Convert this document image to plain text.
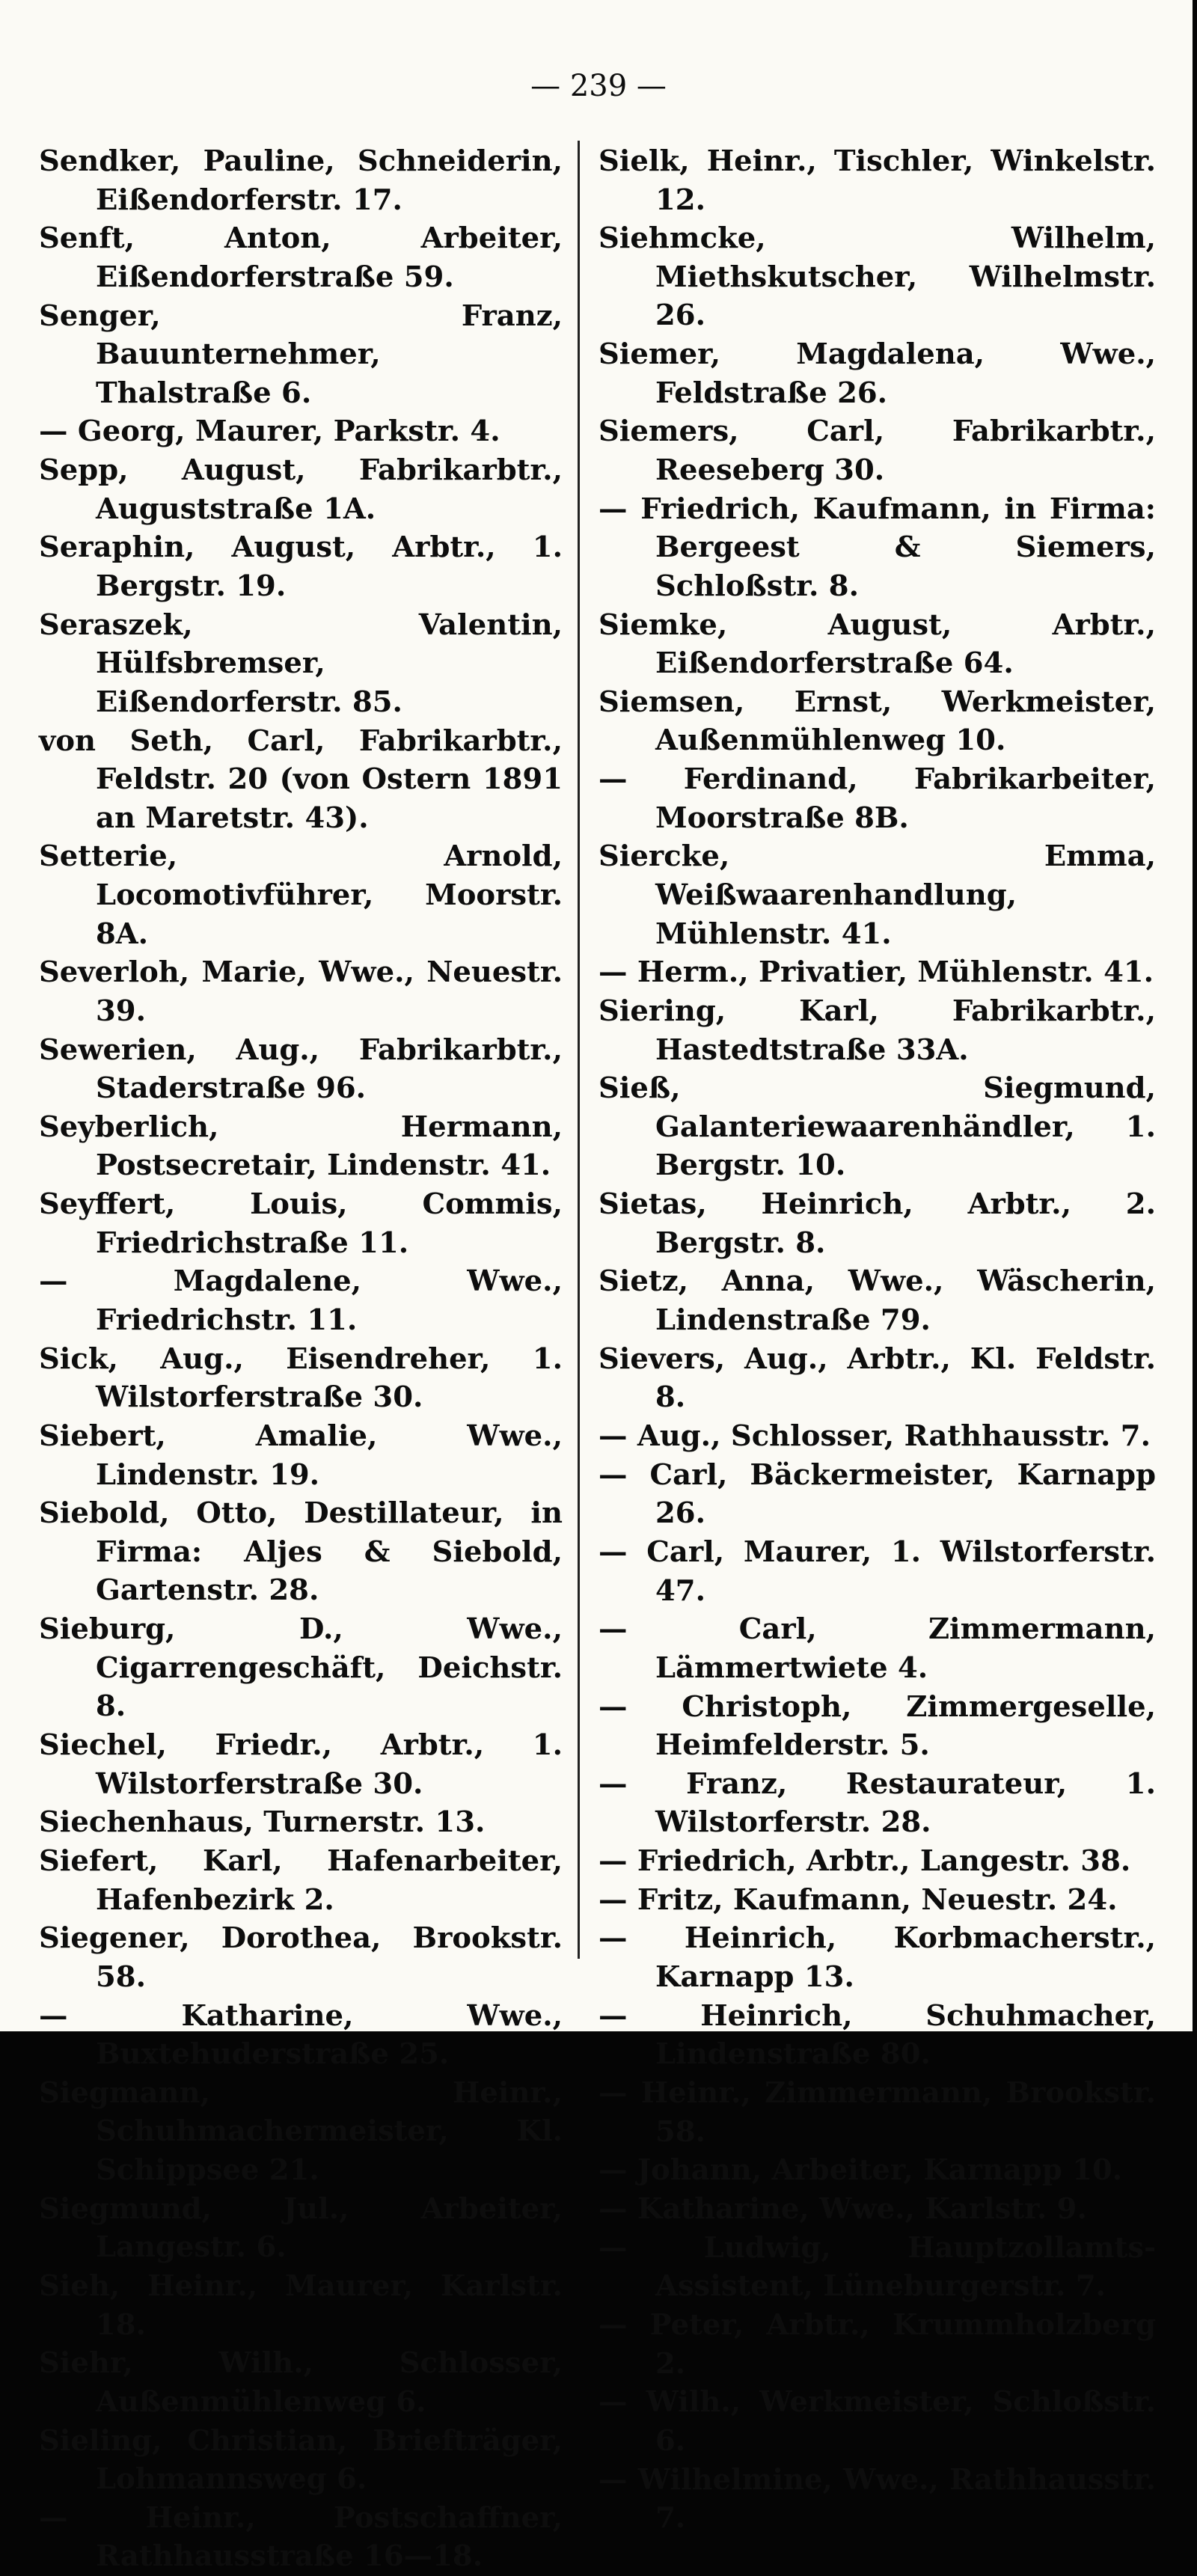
— 239 —
Sendker, Pauline, Schneiderin, Eißendorferstr. 17.
Senft, Anton, Arbeiter, Eißendorferstraße 59.
Senger, Franz, Bauunternehmer, Thalstraße 6.
— Georg, Maurer, Parkstr. 4.
Sepp, August, Fabrikarbtr., Auguststraße 1A.
Seraphin, August, Arbtr., 1. Bergstr. 19.
Seraszek, Valentin, Hülfsbremser, Eißendorferstr. 85.
von Seth, Carl, Fabrikarbtr., Feldstr. 20 (von Ostern 1891 an Maretstr. 43).
Setterie, Arnold, Locomotivführer, Moorstr. 8A.
Severloh, Marie, Wwe., Neuestr. 39.
Sewerien, Aug., Fabrikarbtr., Staderstraße 96.
Seyberlich, Hermann, Postsecretair, Lindenstr. 41.
Seyffert, Louis, Commis, Friedrichstraße 11.
— Magdalene, Wwe., Friedrichstr. 11.
Sick, Aug., Eisendreher, 1. Wilstorferstraße 30.
Siebert, Amalie, Wwe., Lindenstr. 19.
Siebold, Otto, Destillateur, in Firma: Aljes & Siebold, Gartenstr. 28.
Sieburg, D., Wwe., Cigarrengeschäft, Deichstr. 8.
Siechel, Friedr., Arbtr., 1. Wilstorferstraße 30.
Siechenhaus, Turnerstr. 13.
Siefert, Karl, Hafenarbeiter, Hafenbezirk 2.
Siegener, Dorothea, Brookstr. 58.
— Katharine, Wwe., Buxtehuderstraße 25.
Siegmann, Heinr., Schuhmachermeister, Kl. Schippsee 21.
Siegmund, Jul., Arbeiter, Langestr. 6.
Sieh, Heinr., Maurer, Karlstr. 18.
Siehr, Wilh., Schlosser, Außenmühlenweg 6.
Sieling, Christian, Briefträger, Lohmannsweg 6.
— Heinr., Postschaffner, Rathhausstraße 16—18.
Sielk, Heinr., Tischler, Winkelstr. 12.
Siehmcke, Wilhelm, Miethskutscher, Wilhelmstr. 26.
Siemer, Magdalena, Wwe., Feldstraße 26.
Siemers, Carl, Fabrikarbtr., Reeseberg 30.
— Friedrich, Kaufmann, in Firma: Bergeest & Siemers, Schloßstr. 8.
Siemke, August, Arbtr., Eißendorferstraße 64.
Siemsen, Ernst, Werkmeister, Außenmühlenweg 10.
— Ferdinand, Fabrikarbeiter, Moorstraße 8B.
Siercke, Emma, Weißwaarenhandlung, Mühlenstr. 41.
— Herm., Privatier, Mühlenstr. 41.
Siering, Karl, Fabrikarbtr., Hastedtstraße 33A.
Sieß, Siegmund, Galanteriewaarenhändler, 1. Bergstr. 10.
Sietas, Heinrich, Arbtr., 2. Bergstr. 8.
Sietz, Anna, Wwe., Wäscherin, Lindenstraße 79.
Sievers, Aug., Arbtr., Kl. Feldstr. 8.
— Aug., Schlosser, Rathhausstr. 7.
— Carl, Bäckermeister, Karnapp 26.
— Carl, Maurer, 1. Wilstorferstr. 47.
— Carl, Zimmermann, Lämmertwiete 4.
— Christoph, Zimmergeselle, Heimfelderstr. 5.
— Franz, Restaurateur, 1. Wilstorferstr. 28.
— Friedrich, Arbtr., Langestr. 38.
— Fritz, Kaufmann, Neuestr. 24.
— Heinrich, Korbmacherstr., Karnapp 13.
— Heinrich, Schuhmacher, Lindenstraße 80.
— Heinr., Zimmermann, Brookstr. 58.
— Johann, Arbeiter, Karnapp 10.
— Katharine, Wwe., Karlstr. 9.
— Ludwig, Hauptzollamts-Assistent, Lüneburgerstr. 7.
— Peter, Arbtr., Krummholzberg 2.
— Wilh., Werkmeister, Schloßstr. 6.
— Wilhelmine, Wwe., Rathhausstr. 7.
